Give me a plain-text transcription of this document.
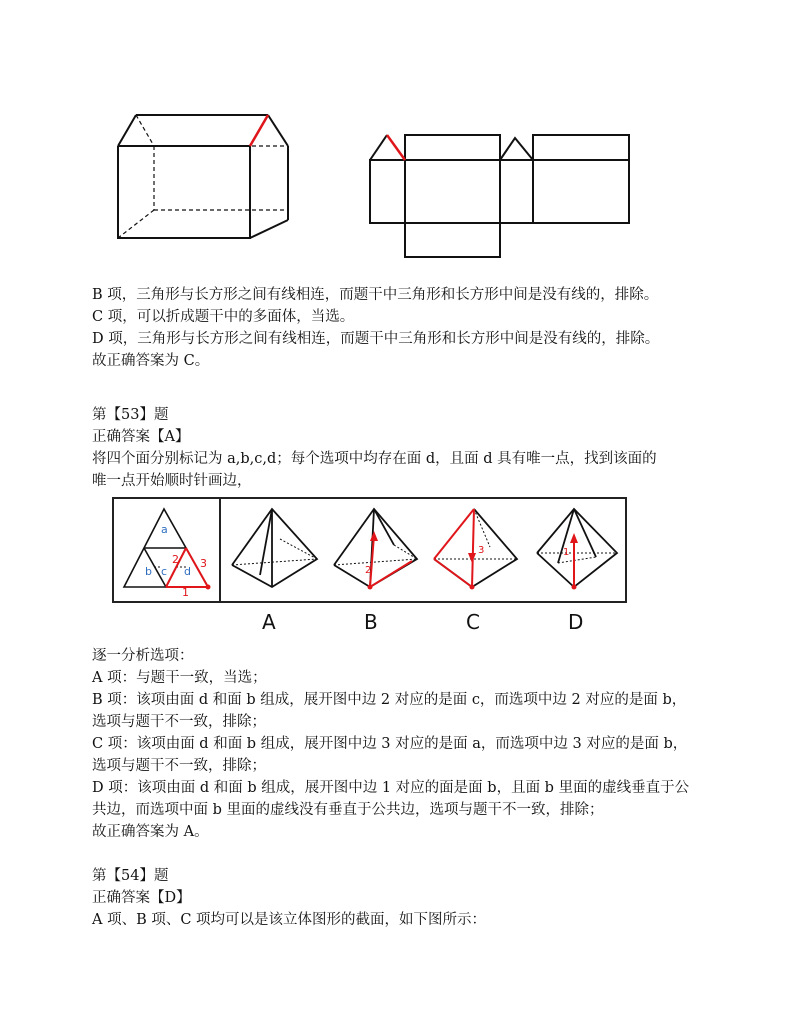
B 项，三角形与长方形之间有线相连，而题干中三角形和长方形中间是没有线的，排除。
C 项，可以折成题干中的多面体，当选。
D 项，三角形与长方形之间有线相连，而题干中三角形和长方形中间是没有线的，排除。
故正确答案为 C。
第【53】题
正确答案【A】
将四个面分别标记为 a,b,c,d；每个选项中均存在面 d，且面 d 具有唯一点，找到该面的
唯一点开始顺时针画边，
a
b c d
1
2 3
2
3	1
A	B	C	D
逐一分析选项：
A 项：与题干一致，当选；
B 项：该项由面 d 和面 b 组成，展开图中边 2 对应的是面 c，而选项中边 2 对应的是面 b，
选项与题干不一致，排除；
C 项：该项由面 d 和面 b 组成，展开图中边 3 对应的是面 a，而选项中边 3 对应的是面 b，
选项与题干不一致，排除；
D 项：该项由面 d 和面 b 组成，展开图中边 1 对应的面是面 b，且面 b 里面的虚线垂直于公
共边，而选项中面 b 里面的虚线没有垂直于公共边，选项与题干不一致，排除；
故正确答案为 A。
第【54】题
正确答案【D】
A 项、B 项、C 项均可以是该立体图形的截面，如下图所示：
